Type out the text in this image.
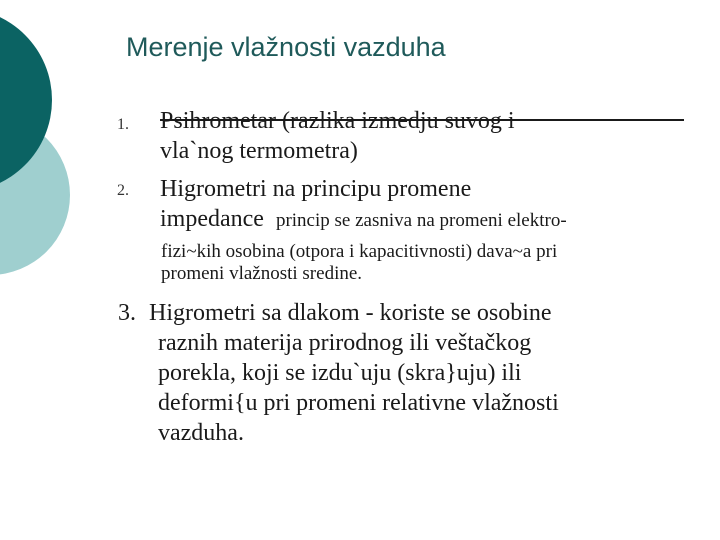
Merenje vlažnosti vazduha
1. Psihrometar (razlika izmedju suvog i
vla`nog termometra)
2. Higrometri na principu promene
impedance princip se zasniva na promeni elektro-
fizi~kih osobina (otpora i kapacitivnosti) dava~a pri
promeni vlažnosti sredine.
3. Higrometri sa dlakom - koriste se osobine
raznih materija prirodnog ili veštačkog
porekla, koji se izdu`uju (skra}uju) ili
deformi{u pri promeni relativne vlažnosti
vazduha.
